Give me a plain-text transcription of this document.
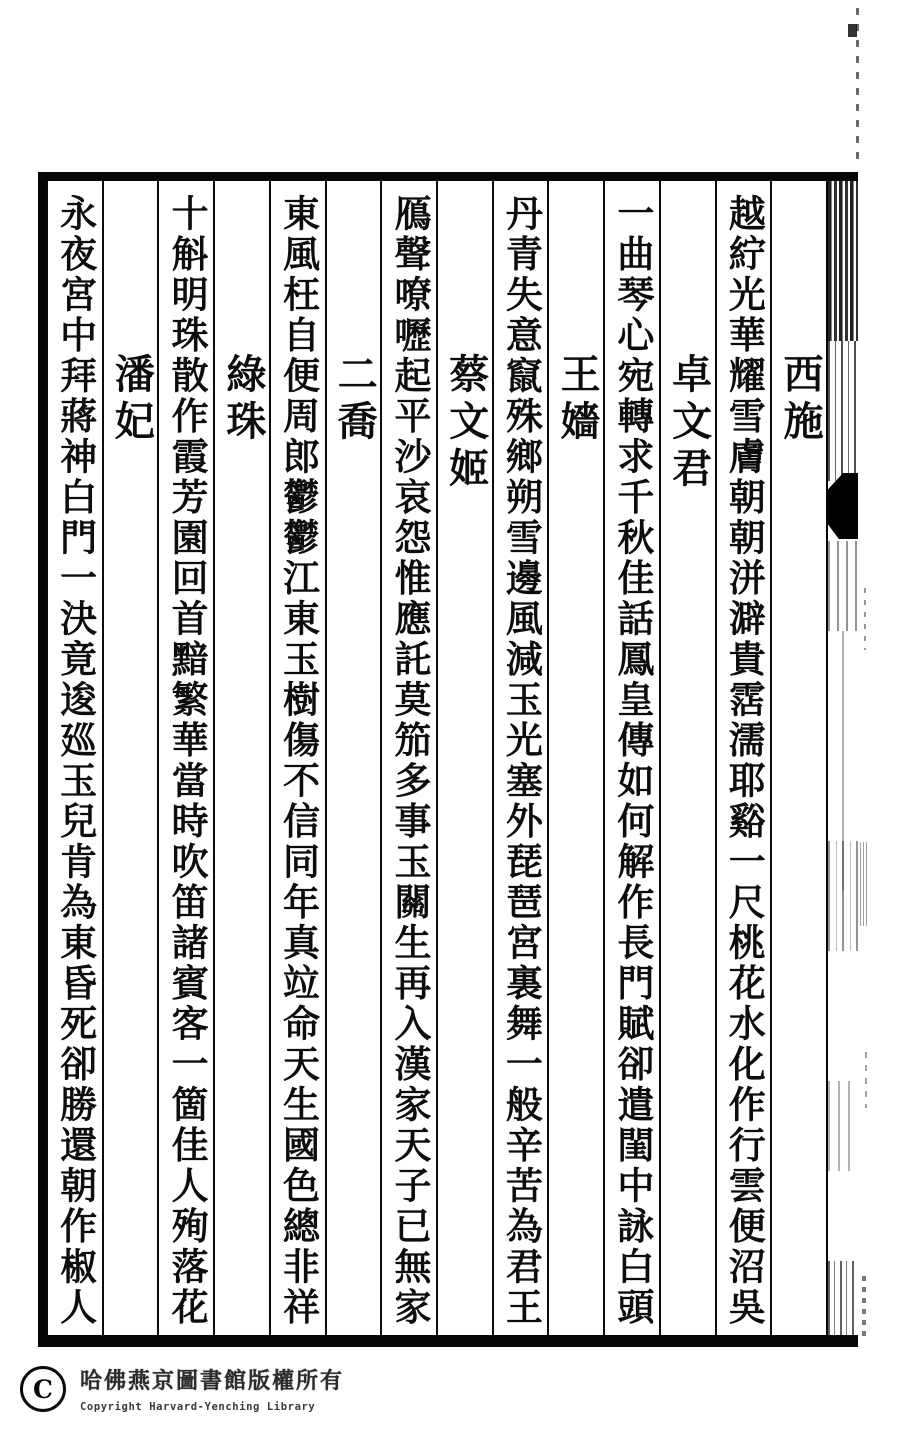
西施
越紵光華耀雪膚朝朝洴澼貴霑濡耶谿一尺桃花水化作行雲便沼吳
卓文君
一曲琴心宛轉求千秋佳話鳳皇傳如何解作長門賦卻遣閨中詠白頭
王嬙
丹青失意竄殊鄉朔雪邊風減玉光塞外琵琶宮裏舞一般辛苦為君王
蔡文姬
鴈聲嘹嚦起平沙哀怨惟應託莫笳多事玉關生再入漢家天子已無家
二喬
東風枉自便周郎鬱鬱江東玉樹傷不信同年真竝命天生國色總非祥
綠珠
十斛明珠散作霞芳園回首黯繁華當時吹笛諸賓客一箇佳人殉落花
潘妃
永夜宮中拜蔣神白門一決竟逡廵玉兒肯為東昏死卻勝還朝作椒人
C 哈佛燕京圖書館版權所有
Copyright Harvard-Yenching Library
